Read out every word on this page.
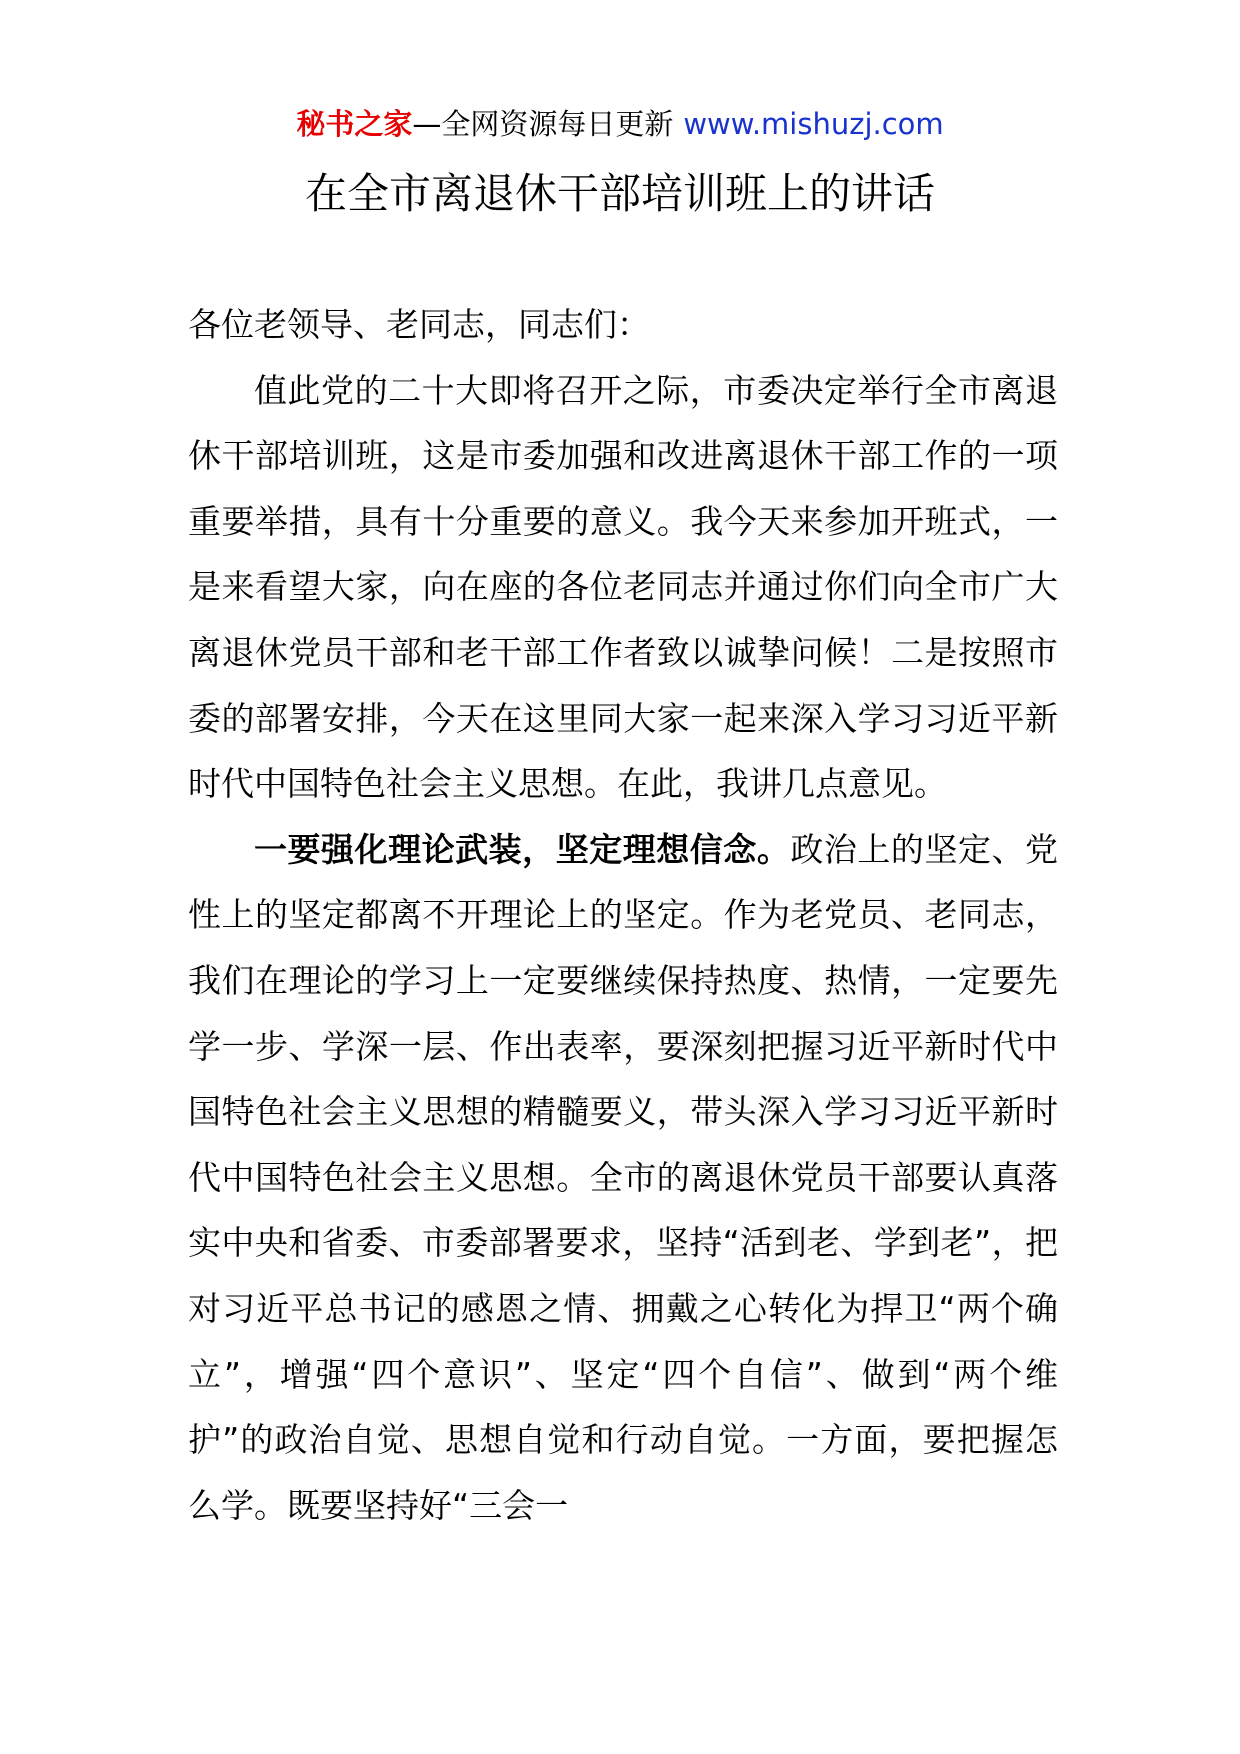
秘书之家—全网资源每日更新 www.mishuzj.com
在全市离退休干部培训班上的讲话

各位老领导、老同志，同志们：

值此党的二十大即将召开之际，市委决定举行全市离退休干部培训班，这是市委加强和改进离退休干部工作的一项重要举措，具有十分重要的意义。我今天来参加开班式，一是来看望大家，向在座的各位老同志并通过你们向全市广大离退休党员干部和老干部工作者致以诚挚问候！二是按照市委的部署安排，今天在这里同大家一起来深入学习习近平新时代中国特色社会主义思想。在此，我讲几点意见。

一要强化理论武装，坚定理想信念。政治上的坚定、党性上的坚定都离不开理论上的坚定。作为老党员、老同志，我们在理论的学习上一定要继续保持热度、热情，一定要先学一步、学深一层、作出表率，要深刻把握习近平新时代中国特色社会主义思想的精髓要义，带头深入学习习近平新时代中国特色社会主义思想。全市的离退休党员干部要认真落实中央和省委、市委部署要求，坚持“活到老、学到老”，把对习近平总书记的感恩之情、拥戴之心转化为捍卫“两个确立”，增强“四个意识”、坚定“四个自信”、做到“两个维护”的政治自觉、思想自觉和行动自觉。一方面，要把握怎么学。既要坚持好“三会一
